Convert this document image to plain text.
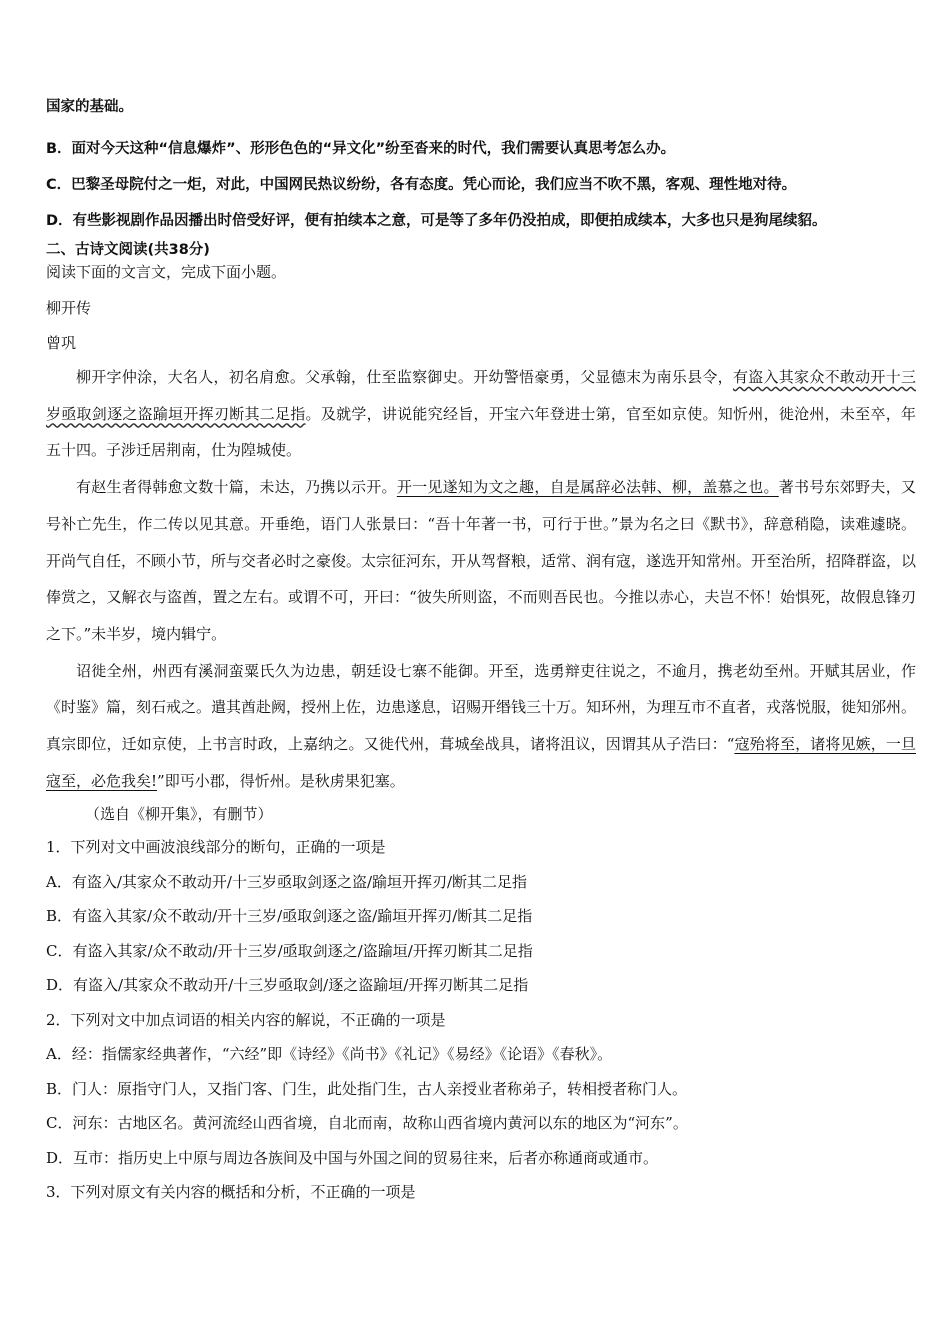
国家的基础。

B．面对今天这种“信息爆炸”、形形色色的“异文化”纷至沓来的时代，我们需要认真思考怎么办。

C．巴黎圣母院付之一炬，对此，中国网民热议纷纷，各有态度。凭心而论，我们应当不吹不黑，客观、理性地对待。

D．有些影视剧作品因播出时倍受好评，便有拍续本之意，可是等了多年仍没拍成，即便拍成续本，大多也只是狗尾续貂。

二、古诗文阅读(共38分)

阅读下面的文言文，完成下面小题。

柳开传

曾巩

柳开字仲涂，大名人，初名肩愈。父承翰，仕至监察御史。开幼警悟豪勇，父显德末为南乐县令，有盗入其家众不敢动开十三岁亟取剑逐之盗踰垣开挥刃断其二足指。及就学，讲说能究经旨，开宝六年登进士第，官至如京使。知忻州，徙沧州，未至卒，年五十四。子涉迁居荆南，仕为隍城使。

有赵生者得韩愈文数十篇，未达，乃携以示开。开一见遂知为文之趣，自是属辞必法韩、柳，盖慕之也。著书号东郊野夫，又号补亡先生，作二传以见其意。开垂绝，语门人张景曰：“吾十年著一书，可行于世。”景为名之曰《默书》，辞意稍隐，读难遽晓。开尚气自任，不顾小节，所与交者必时之豪俊。太宗征河东，开从驾督粮，适常、润有寇，遂选开知常州。开至治所，招降群盗，以俸赏之，又解衣与盗酋，置之左右。或谓不可，开曰：“彼失所则盗，不而则吾民也。今推以赤心，夫岂不怀！始惧死，故假息锋刃之下。”未半岁，境内辑宁。

诏徙全州，州西有溪洞蛮粟氏久为边患，朝廷设七寨不能御。开至，选勇辩吏往说之，不逾月，携老幼至州。开赋其居业，作《时鉴》篇，刻石戒之。遣其酋赴阙，授州上佐，边患遂息，诏赐开缗钱三十万。知环州，为理互市不直者，戎落悦服，徙知邠州。真宗即位，迁如京使，上书言时政，上嘉纳之。又徙代州，葺城垒战具，诸将沮议，因谓其从子浩曰：“寇殆将至，诸将见嫉，一旦寇至，必危我矣!”即丐小郡，得忻州。是秋虏果犯塞。

（选自《柳开集》，有删节）

1．下列对文中画波浪线部分的断句，正确的一项是

A．有盗入/其家众不敢动开/十三岁亟取剑逐之盗/踰垣开挥刃/断其二足指

B．有盗入其家/众不敢动/开十三岁/亟取剑逐之盗/踰垣开挥刃/断其二足指

C．有盗入其家/众不敢动/开十三岁/亟取剑逐之/盗踰垣/开挥刃断其二足指

D．有盗入/其家众不敢动开/十三岁亟取剑/逐之盗踰垣/开挥刃断其二足指

2．下列对文中加点词语的相关内容的解说，不正确的一项是

A．经：指儒家经典著作，“六经”即《诗经》《尚书》《礼记》《易经》《论语》《春秋》。

B．门人：原指守门人，又指门客、门生，此处指门生，古人亲授业者称弟子，转相授者称门人。

C．河东：古地区名。黄河流经山西省境，自北而南，故称山西省境内黄河以东的地区为“河东”。

D．互市：指历史上中原与周边各族间及中国与外国之间的贸易往来，后者亦称通商或通市。

3．下列对原文有关内容的概括和分析，不正确的一项是
